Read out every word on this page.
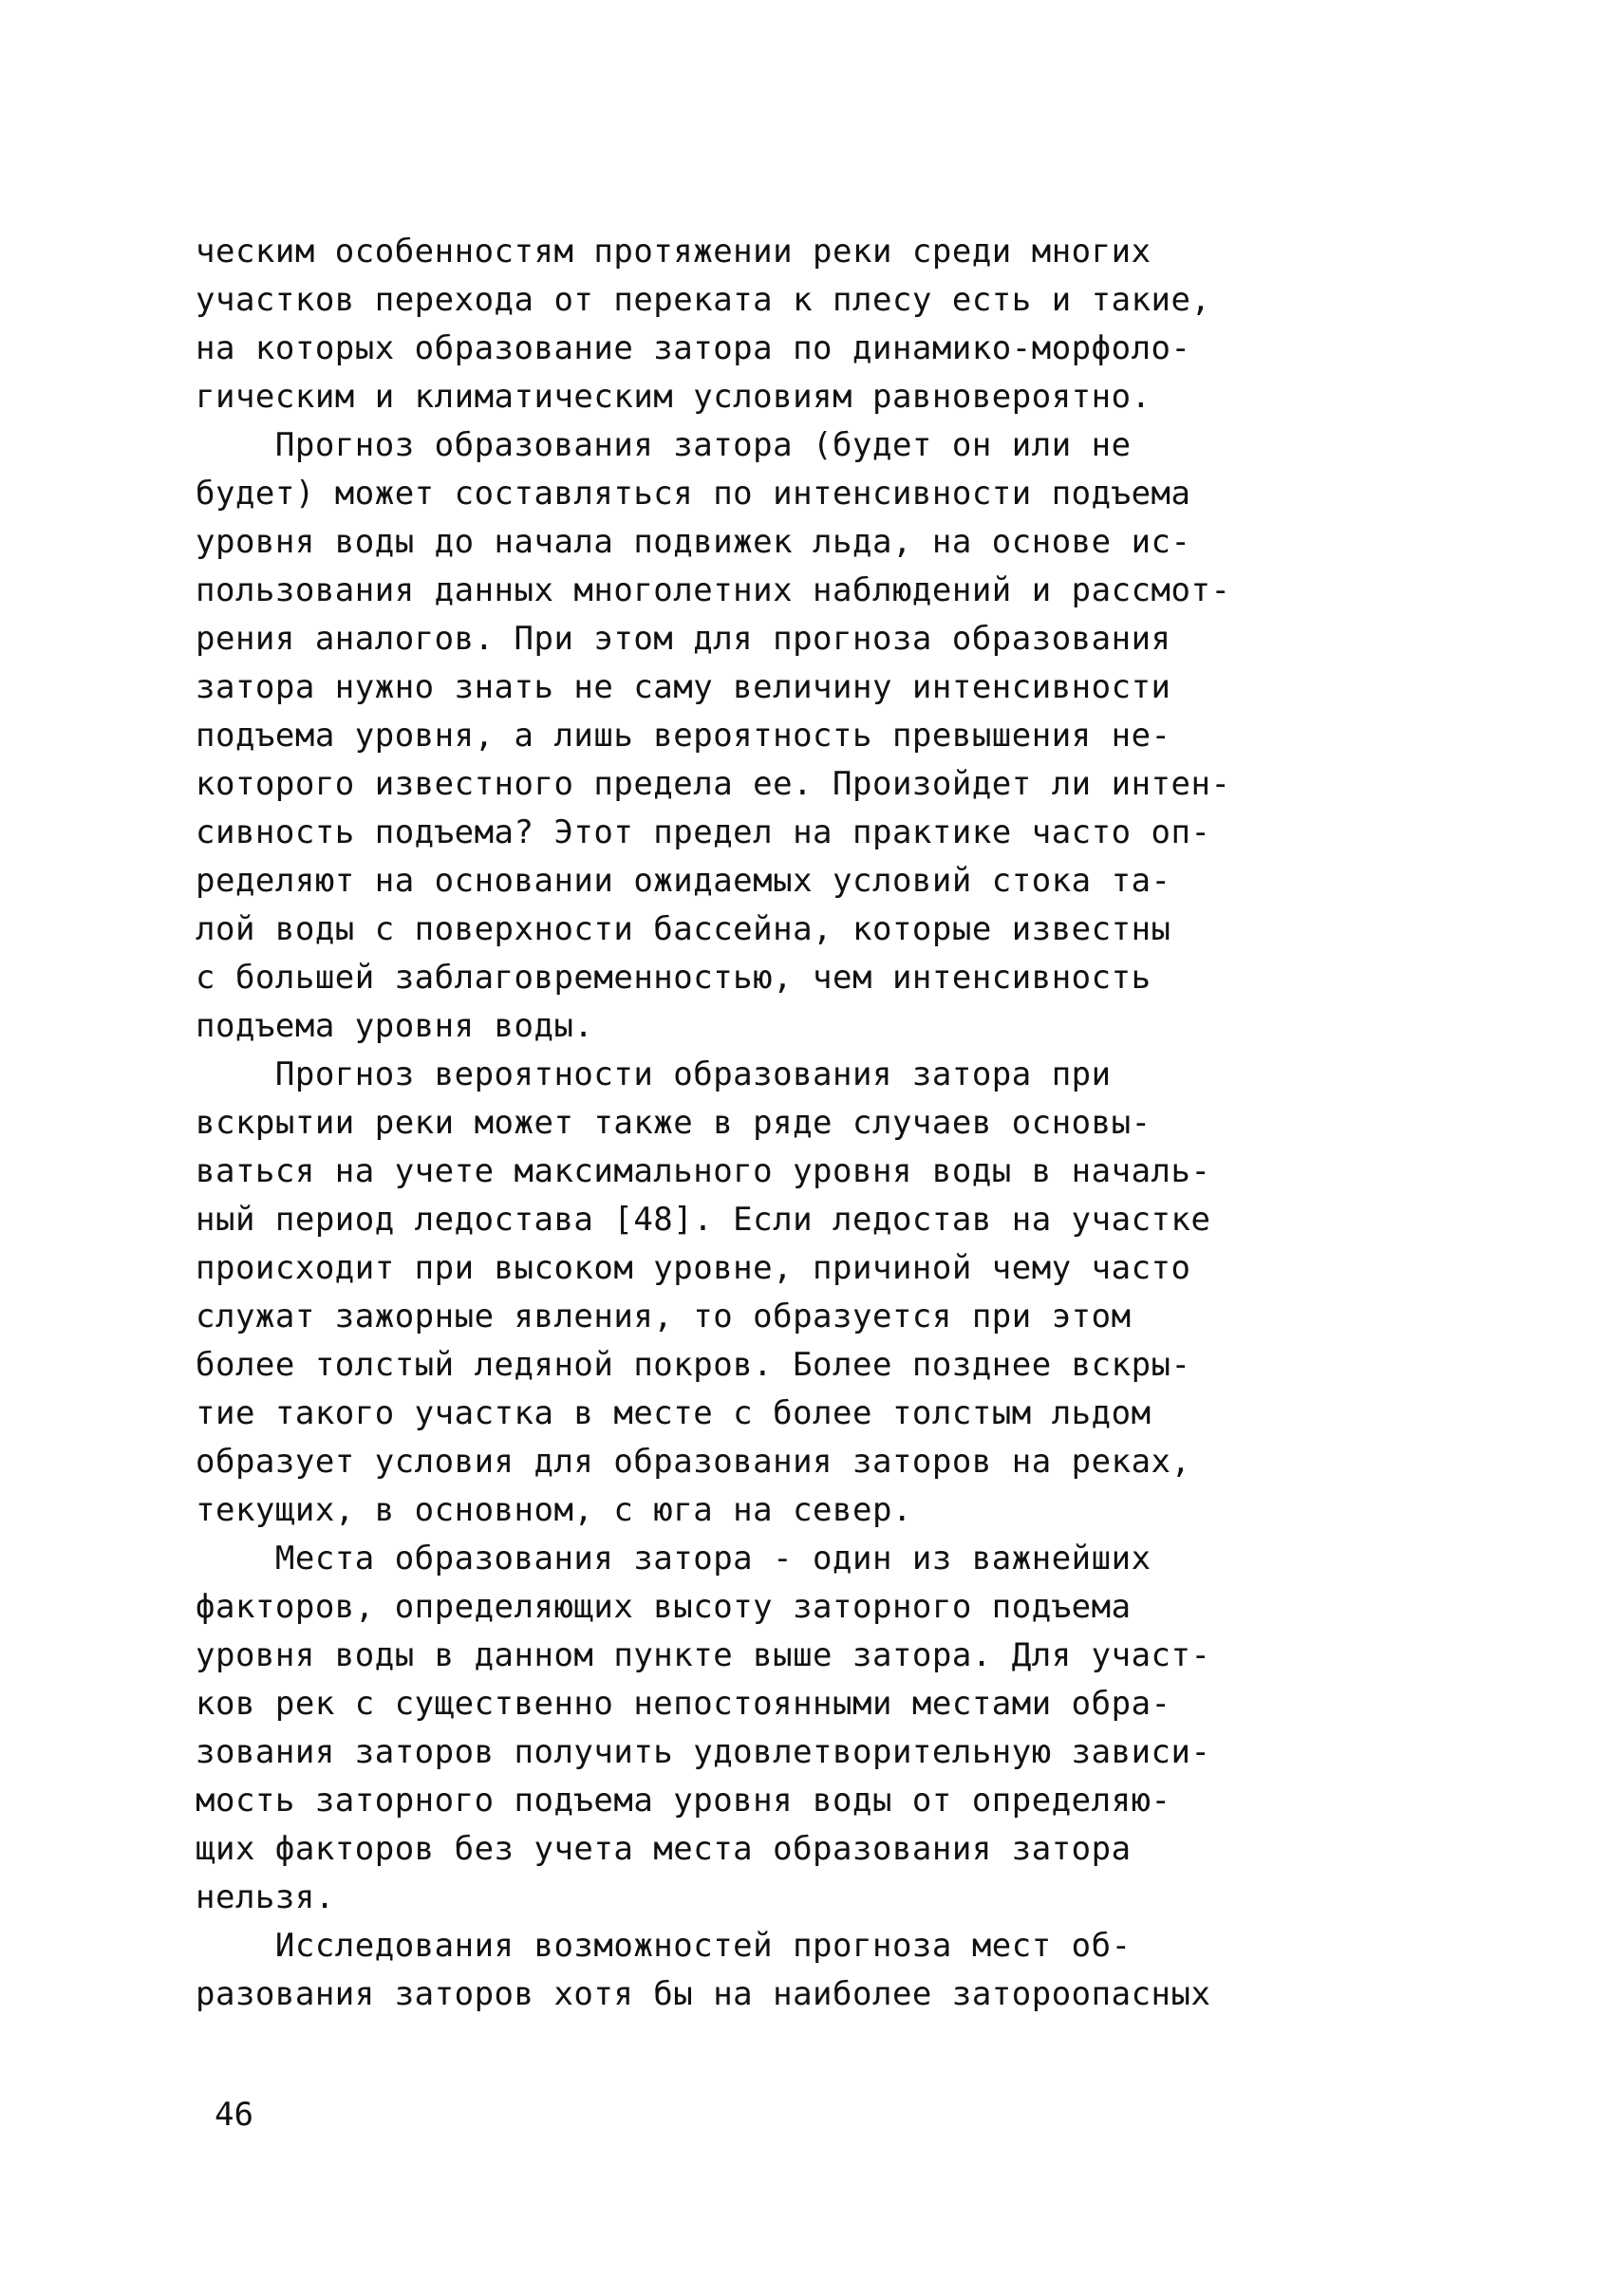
ческим особенностям протяжении реки среди многих
участков перехода от переката к плесу есть и такие,
на которых образование затора по динамико-морфоло-
гическим и климатическим условиям равновероятно.
Прогноз образования затора (будет он или не
будет) может составляться по интенсивности подъема
уровня воды до начала подвижек льда, на основе ис-
пользования данных многолетних наблюдений и рассмот-
рения аналогов. При этом для прогноза образования
затора нужно знать не саму величину интенсивности
подъема уровня, а лишь вероятность превышения не-
которого известного предела ее. Произойдет ли интен-
сивность подъема? Этот предел на практике часто оп-
ределяют на основании ожидаемых условий стока та-
лой воды с поверхности бассейна, которые известны
с большей заблаговременностью, чем интенсивность
подъема уровня воды.
Прогноз вероятности образования затора при
вскрытии реки может также в ряде случаев основы-
ваться на учете максимального уровня воды в началь-
ный период ледостава [48]. Если ледостав на участке
происходит при высоком уровне, причиной чему часто
служат зажорные явления, то образуется при этом
более толстый ледяной покров. Более позднее вскры-
тие такого участка в месте с более толстым льдом
образует условия для образования заторов на реках,
текущих, в основном, с юга на север.
Места образования затора - один из важнейших
факторов, определяющих высоту заторного подъема
уровня воды в данном пункте выше затора. Для участ-
ков рек с существенно непостоянными местами обра-
зования заторов получить удовлетворительную зависи-
мость заторного подъема уровня воды от определяю-
щих факторов без учета места образования затора
нельзя.
Исследования возможностей прогноза мест об-
разования заторов хотя бы на наиболее заторoопасных
46
